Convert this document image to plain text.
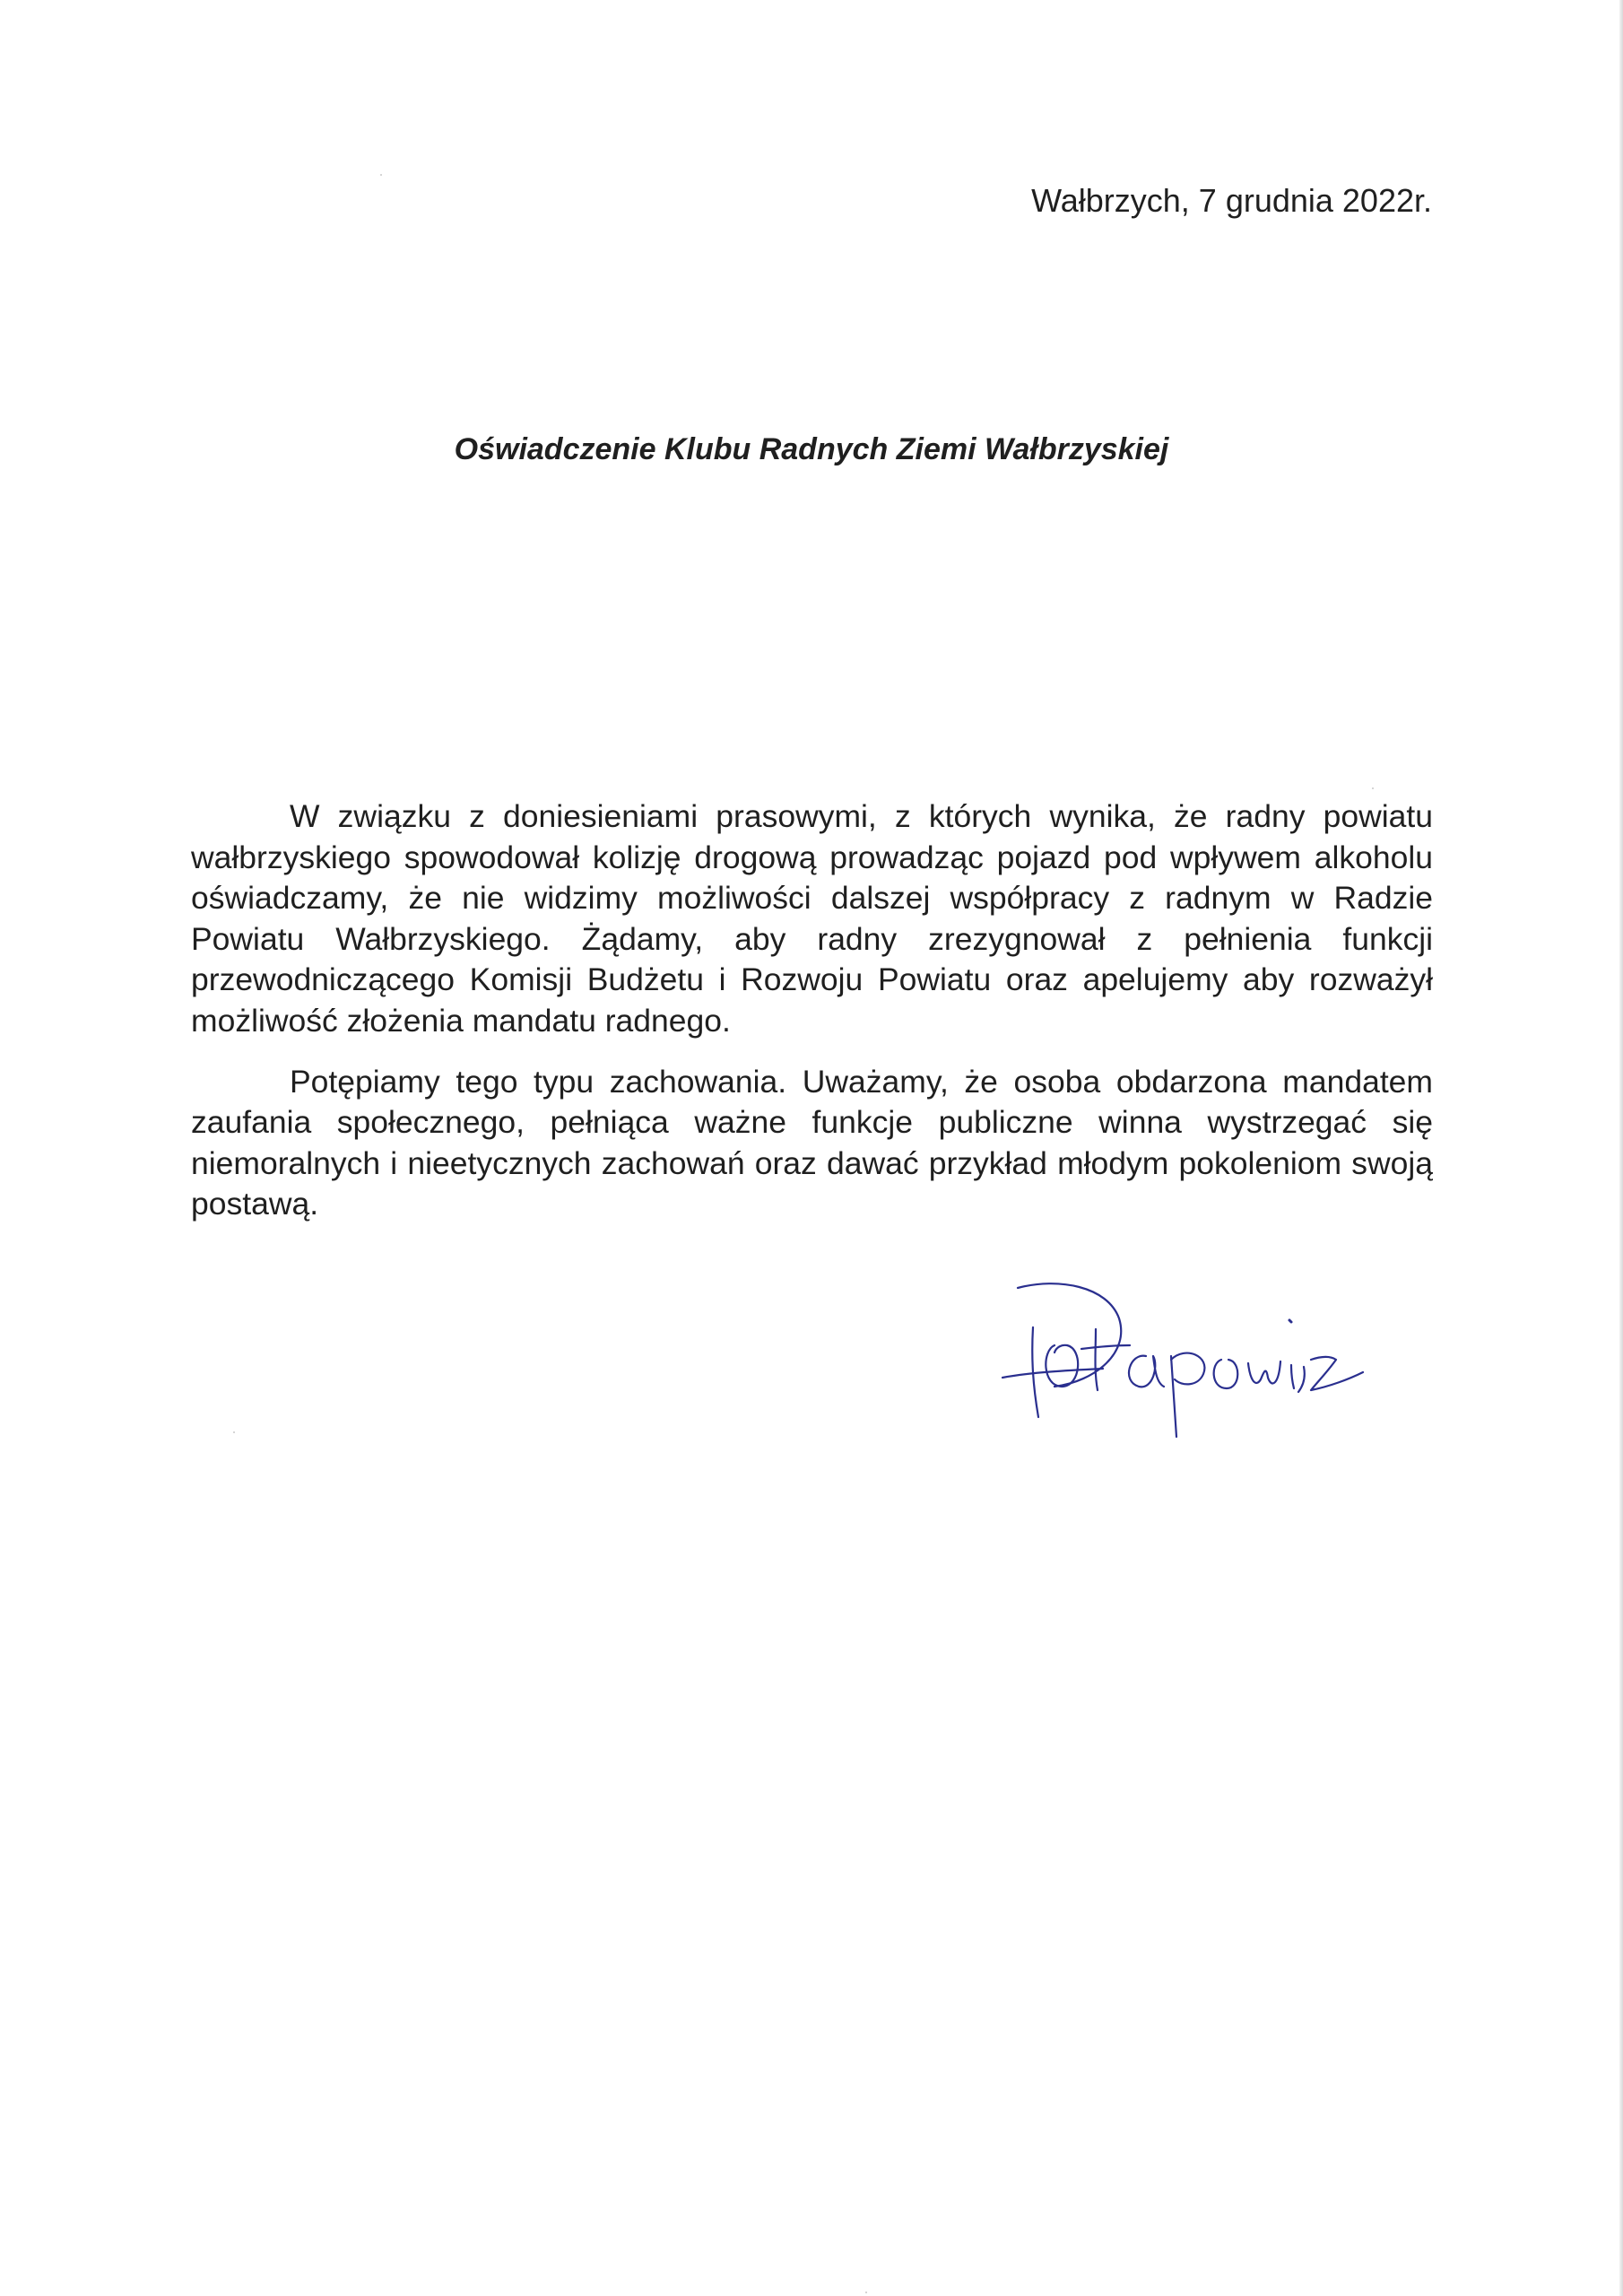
Wałbrzych, 7 grudnia 2022r.
Oświadczenie Klubu Radnych Ziemi Wałbrzyskiej

W związku z doniesieniami prasowymi, z których wynika, że radny powiatu wałbrzyskiego spowodował kolizję drogową prowadząc pojazd pod wpływem alkoholu oświadczamy, że nie widzimy możliwości dalszej współpracy z radnym w Radzie Powiatu Wałbrzyskiego. Żądamy, aby radny zrezygnował z pełnienia funkcji przewodniczącego Komisji Budżetu i Rozwoju Powiatu oraz apelujemy aby rozważył możliwość złożenia mandatu radnego.

Potępiamy tego typu zachowania. Uważamy, że osoba obdarzona mandatem zaufania społecznego, pełniąca ważne funkcje publiczne winna wystrzegać się niemoralnych i nieetycznych zachowań oraz dawać przykład młodym pokoleniom swoją postawą.
